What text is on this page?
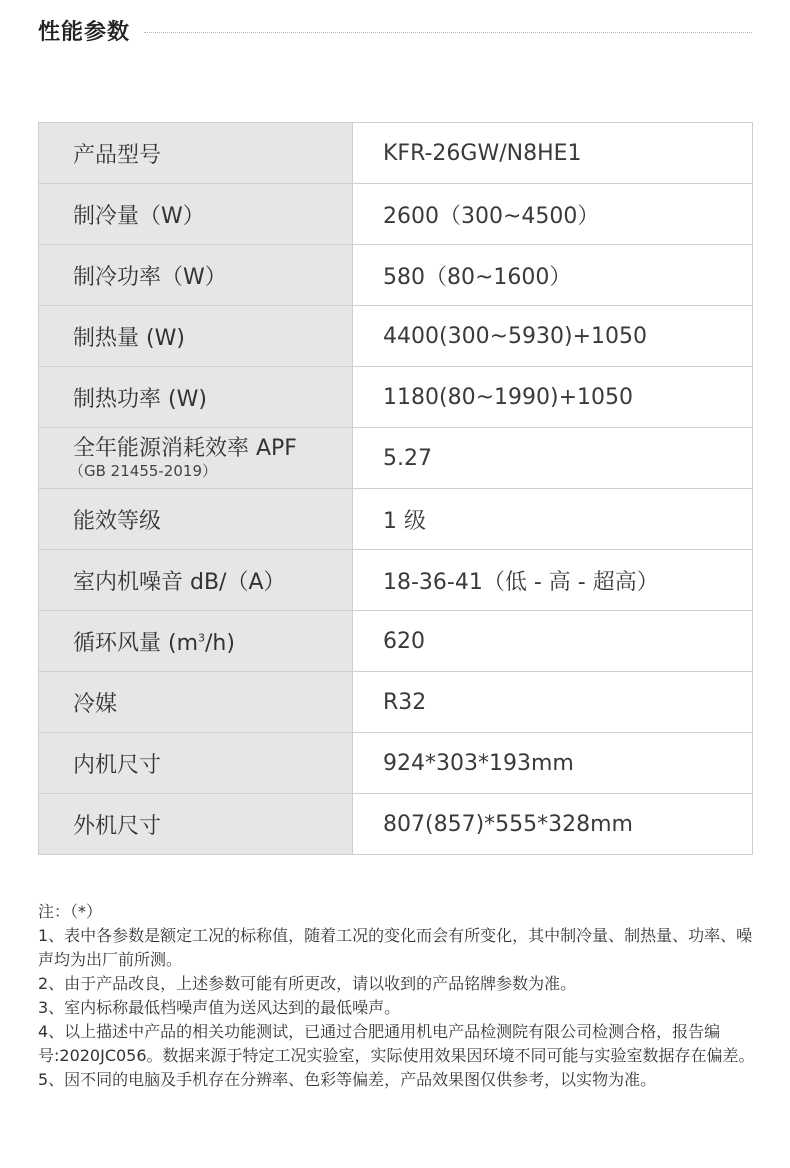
性能参数
产品型号	KFR-26GW/N8HE1
制冷量（W）	2600（300~4500）
制冷功率（W）	580（80~1600）
制热量 (W)	4400(300~5930)+1050
制热功率 (W)	1180(80~1990)+1050

全年能源消耗效率 APF
（GB 21455-2019）	5.27
能效等级	1 级
室内机噪音 dB/（A）	18-36-41（低 - 高 - 超高）
循环风量 $(m^3/h)$	620
冷媒	R32
内机尺寸	924*303*193mm
外机尺寸	807(857)*555*328mm

注：（*）

1、表中各参数是额定工况的标称值，随着工况的变化而会有所变化，其中制冷量、制热量、功率、噪声均为出厂前所测。

2、由于产品改良，上述参数可能有所更改，请以收到的产品铭牌参数为准。

3、室内标称最低档噪声值为送风达到的最低噪声。

4、以上描述中产品的相关功能测试，已通过合肥通用机电产品检测院有限公司检测合格，报告编号:2020JC056。数据来源于特定工况实验室，实际使用效果因环境不同可能与实验室数据存在偏差。

5、因不同的电脑及手机存在分辨率、色彩等偏差，产品效果图仅供参考，以实物为准。
